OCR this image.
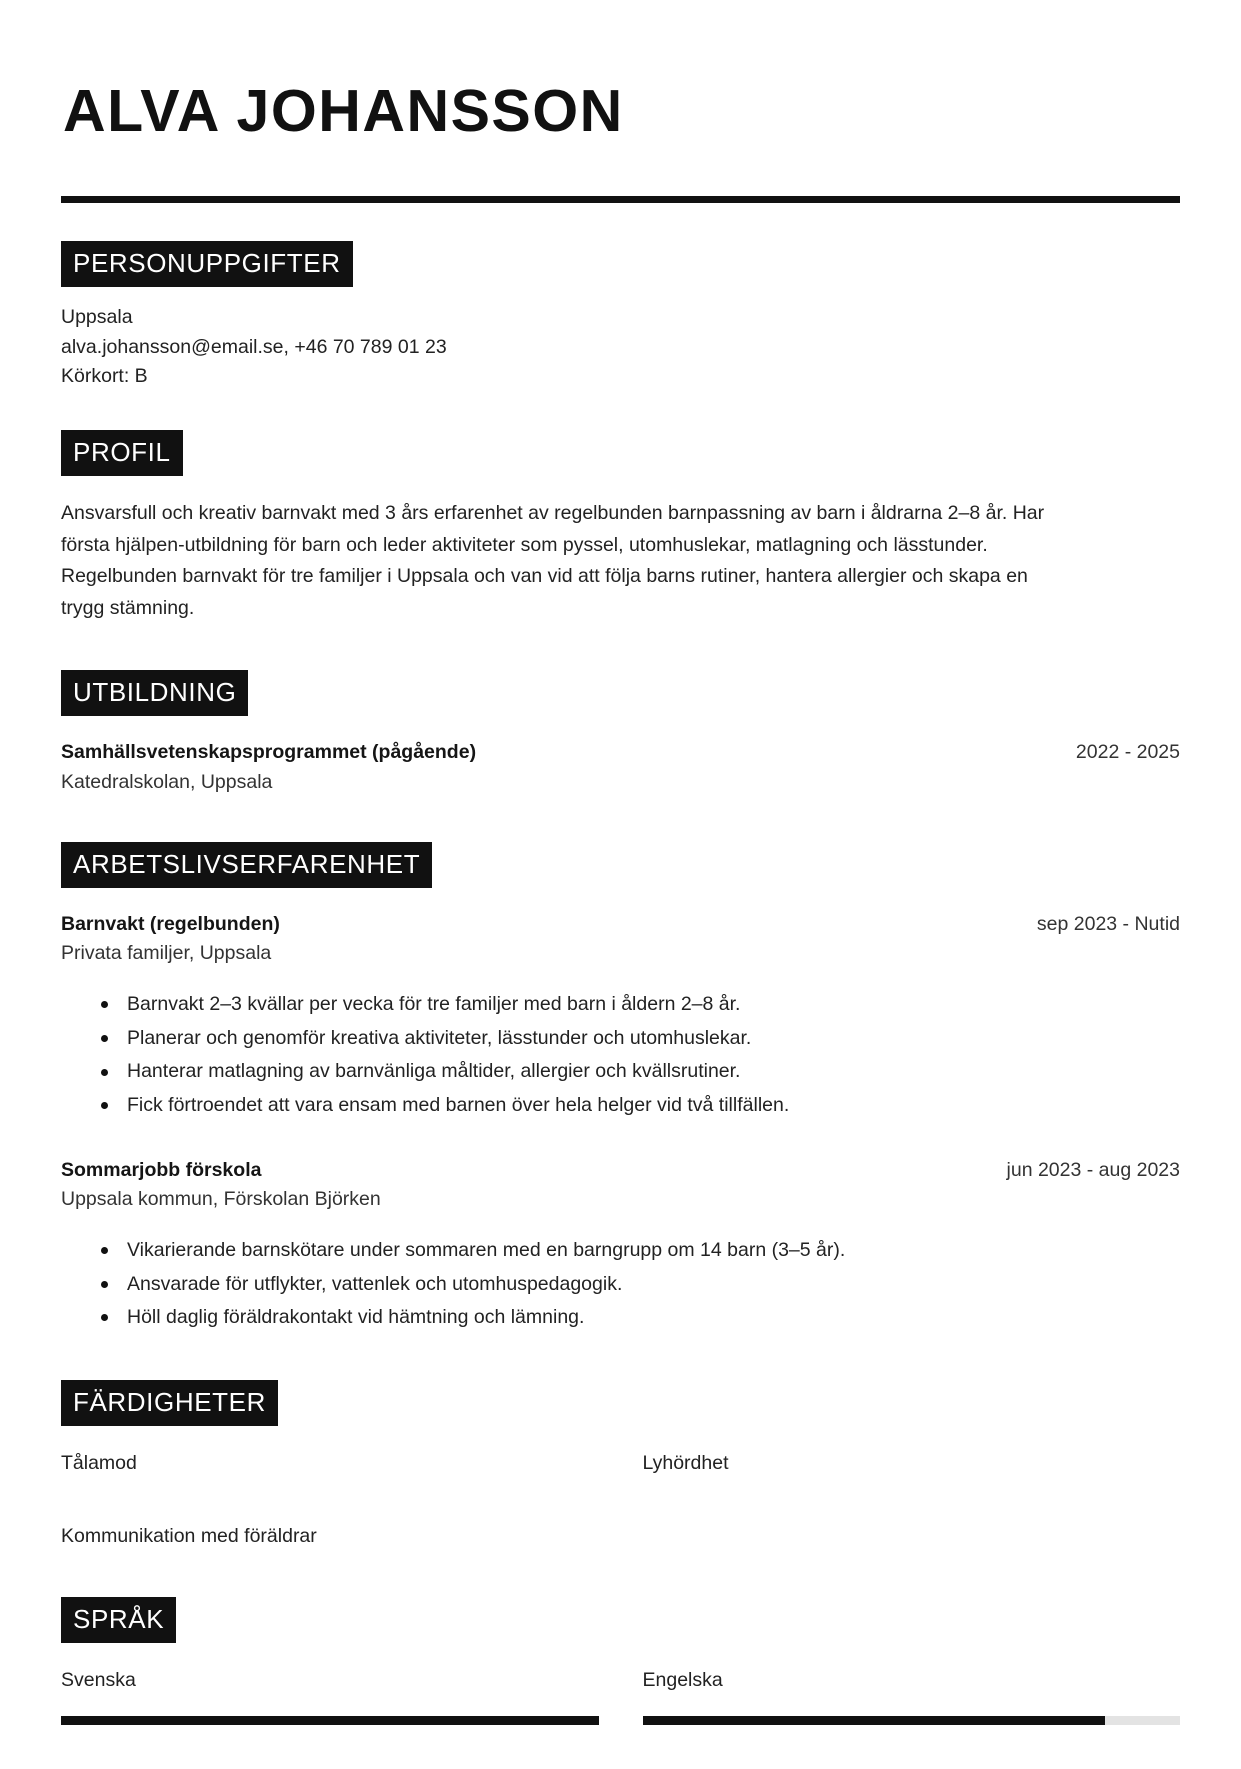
ALVA JOHANSSON
PERSONUPPGIFTER
Uppsala
alva.johansson@email.se, +46 70 789 01 23
Körkort: B
PROFIL

Ansvarsfull och kreativ barnvakt med 3 års erfarenhet av regelbunden barnpassning av barn i åldrarna 2–8 år. Har första hjälpen-utbildning för barn och leder aktiviteter som pyssel, utomhuslekar, matlagning och lässtunder. Regelbunden barnvakt för tre familjer i Uppsala och van vid att följa barns rutiner, hantera allergier och skapa en trygg stämning.

UTBILDNING
Samhällsvetenskapsprogrammet (pågående)	2022 - 2025
Katedralskolan, Uppsala
ARBETSLIVSERFARENHET
Barnvakt (regelbunden)	sep 2023 - Nutid
Privata familjer, Uppsala
Barnvakt 2–3 kvällar per vecka för tre familjer med barn i åldern 2–8 år.
Planerar och genomför kreativa aktiviteter, lässtunder och utomhuslekar.
Hanterar matlagning av barnvänliga måltider, allergier och kvällsrutiner.
Fick förtroendet att vara ensam med barnen över hela helger vid två tillfällen.
Sommarjobb förskola	jun 2023 - aug 2023
Uppsala kommun, Förskolan Björken
Vikarierande barnskötare under sommaren med en barngrupp om 14 barn (3–5 år).
Ansvarade för utflykter, vattenlek och utomhuspedagogik.
Höll daglig föräldrakontakt vid hämtning och lämning.
FÄRDIGHETER
Tålamod	Lyhördhet
Kommunikation med föräldrar
SPRÅK
Svenska	Engelska
